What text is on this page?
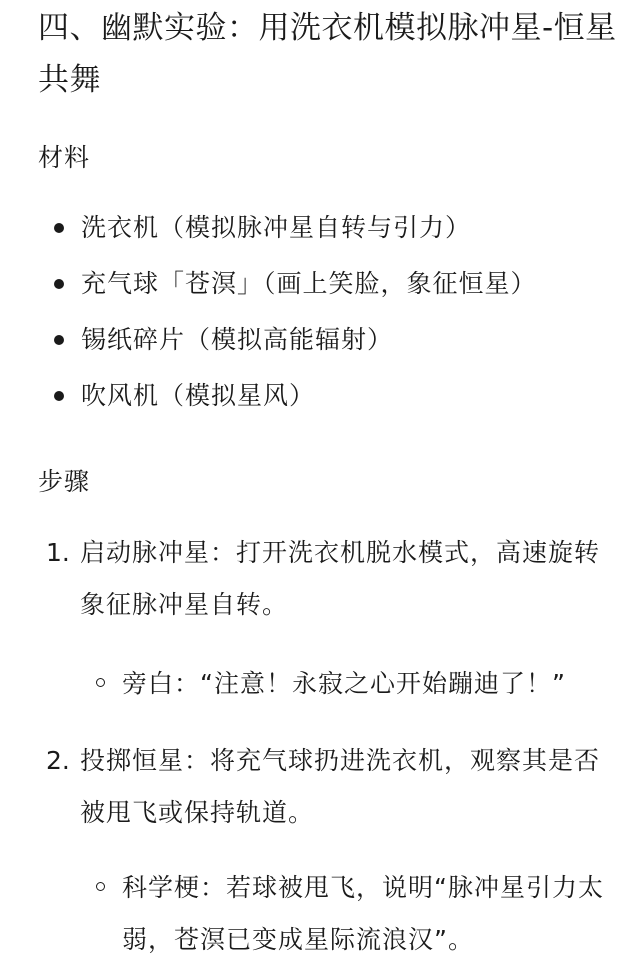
四、幽默实验：用洗衣机模拟脉冲星-恒星共舞
材料
洗衣机（模拟脉冲星自转与引力）
充气球「苍溟」（画上笑脸，象征恒星）
锡纸碎片（模拟高能辐射）
吹风机（模拟星风）
步骤
1. 启动脉冲星：打开洗衣机脱水模式，高速旋转象征脉冲星自转。
旁白：“注意！永寂之心开始蹦迪了！”
2. 投掷恒星：将充气球扔进洗衣机，观察其是否被甩飞或保持轨道。
科学梗：若球被甩飞，说明“脉冲星引力太弱，苍溟已变成星际流浪汉”。
